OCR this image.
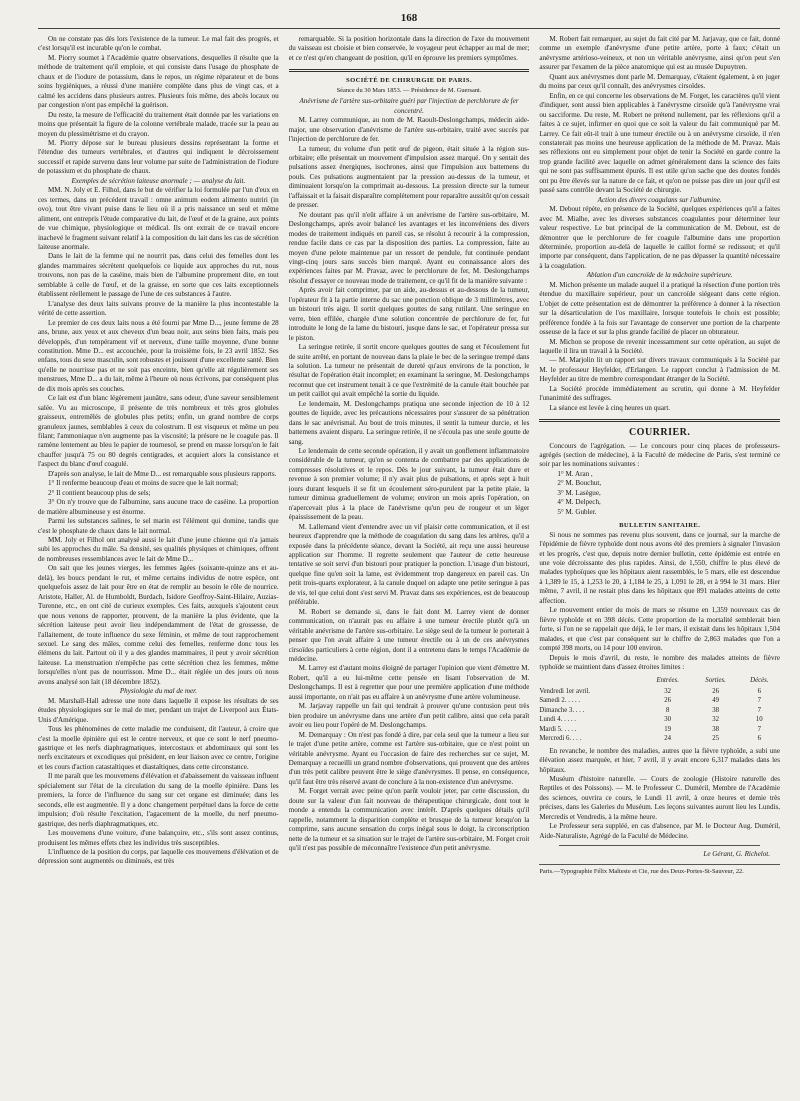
168

On ne constate pas dès lors l'existence de la tumeur. Le mal fait des progrès, et c'est lorsqu'il est incurable qu'on le combat.

M. Piorry soumet à l'Académie quatre observations, desquelles il résulte que la méthode de traitement qu'il emploie, et qui consiste dans l'usage du phosphate de chaux et de l'iodure de potassium, dans le repos, un régime réparateur et de bons soins hygiéniques, a réussi d'une manière complète dans plus de vingt cas, et a calmé les accidens dans plusieurs autres. Plusieurs fois même, des abcès locaux ou par congestion n'ont pas empêché la guérison.

Du reste, la mesure de l'efficacité du traitement était donnée par les variations en moins que présentait la figure de la colonne vertébrale malade, tracée sur la peau au moyen du plessimétrisme et du crayon.

M. Piorry dépose sur le bureau plusieurs dessins représentant la forme et l'étendue des tumeurs vertébrales, et d'autres qui indiquent le décroissement successif et rapide survenu dans leur volume par suite de l'administration de l'iodure de potassium et du phosphate de chaux.

Exemples de sécrétion laiteuse anormale ; — analyse du lait.

MM. N. Joly et E. Filhol, dans le but de vérifier la loi formulée par l'un d'eux en ces termes, dans un précédent travail : omne animum eodem alimento nutriri (in ovo), tout être vivant puise dans le lieu où il a pris naissance un seul et même aliment, ont entrepris l'étude comparative du lait, de l'œuf et de la graine, aux points de vue chimique, physiologique et médical. Ils ont extrait de ce travail encore inachevé le fragment suivant relatif à la composition du lait dans les cas de sécrétion laiteuse anormale.

Dans le lait de la femme qui ne nourrit pas, dans celui des femelles dont les glandes mammaires sécrètent quelquefois ce liquide aux approches du rut, nous trouvons, non pas de la caséine, mais bien de l'albumine proprement dite, en tout semblable à celle de l'œuf, et de la graisse, en sorte que ces laits exceptionnels établissent réellement le passage de l'une de ces substances à l'autre.

L'analyse des deux laits suivans prouve de la manière la plus incontestable la vérité de cette assertion.

Le premier de ces deux laits nous a été fourni par Mme D..., jeune femme de 28 ans, brune, aux yeux et aux cheveux d'un beau noir, aux seins bien faits, mais peu développés, d'un tempérament vif et nerveux, d'une taille moyenne, d'une bonne constitution. Mme D... est accouchée, pour la troisième fois, le 23 avril 1852. Ses enfans, tous du sexe masculin, sont robustes et jouissent d'une excellente santé. Bien qu'elle ne nourrisse pas et ne soit pas enceinte, bien qu'elle ait régulièrement ses menstrues, Mme D... a du lait, même à l'heure où nous écrivons, par conséquent plus de dix mois après ses couches.

Ce lait est d'un blanc légèrement jaunâtre, sans odeur, d'une saveur sensiblement salée. Vu au microscope, il présente de très nombreux et très gros globules graisseux, entremêlés de globules plus petits; enfin, un grand nombre de corps granuleux jaunes, semblables à ceux du colostrum. Il est visqueux et même un peu filant; l'ammoniaque n'en augmente pas la viscosité; la présure ne le coagule pas. Il ramène lentement au bleu le papier de tournesol, se prend en masse lorsqu'on le fait chauffer jusqu'à 75 ou 80 degrés centigrades, et acquiert alors la consistance et l'aspect du blanc d'œuf coagulé.

D'après son analyse, le lait de Mme D... est remarquable sous plusieurs rapports.

1° Il renferme beaucoup d'eau et moins de sucre que le lait normal;

2° Il contient beaucoup plus de sels;

3° On n'y trouve que de l'albumine, sans aucune trace de caséine. La proportion de matière albumineuse y est énorme.

Parmi les substances salines, le sel marin est l'élément qui domine, tandis que c'est le phosphate de chaux dans le lait normal.

MM. Joly et Filhol ont analysé aussi le lait d'une jeune chienne qui n'a jamais subi les approches du mâle. Sa densité, ses qualités physiques et chimiques, offrent de nombreuses ressemblances avec le lait de Mme D...

On sait que les jeunes vierges, les femmes âgées (soixante-quinze ans et au-delà), les boucs pendant le rut, et même certains individus de notre espèce, ont quelquefois assez de lait pour être en état de remplir au besoin le rôle de nourrice. Aristote, Haller, Al. de Humboldt, Burdach, Isidore Geoffroy-Saint-Hilaire, Auzias-Turenne, etc., en ont cité de curieux exemples. Ces faits, auxquels s'ajoutent ceux que nous venons de rapporter, prouvent, de la manière la plus évidente, que la sécrétion laiteuse peut avoir lieu indépendamment de l'état de grossesse, de l'allaitement, de toute influence du sexe féminin, et même de tout rapprochement sexuel. Le sang des mâles, comme celui des femelles, renferme donc tous les élémens du lait. Partout où il y a des glandes mammaires, il peut y avoir sécrétion laiteuse. La menstruation n'empêche pas cette sécrétion chez les femmes, même lorsqu'elles n'ont pas de nourrisson. Mme D... était réglée un des jours où nous avons analysé son lait (18 décembre 1852).

Physiologie du mal de mer.

M. Marshall-Hall adresse une note dans laquelle il expose les résultats de ses études physiologiques sur le mal de mer, pendant un trajet de Liverpool aux États-Unis d'Amérique.

Tous les phénomènes de cette maladie me conduisent, dit l'auteur, à croire que c'est la moelle épinière qui est le centre nerveux, et que ce sont le nerf pneumo-gastrique et les nerfs diaphragmatiques, intercostaux et abdominaux qui sont les nerfs excitateurs et excodiques qui président, en leur liaison avec ce centre, l'origine et les cours d'action catastaltiques et diastaltiques, dans cette circonstance.

Il me paraît que les mouvemens d'élévation et d'abaissement du vaisseau influent spécialement sur l'état de la circulation du sang de la moelle épinière. Dans les premiers, la force de l'influence du sang sur cet organe est diminuée; dans les seconds, elle est augmentée. Il y a donc changement perpétuel dans la force de cette impulsion; d'où résulte l'excitation, l'agacement de la moelle, du nerf pneumo-gastrique, des nerfs diaphragmatiques, etc.

Les mouvemens d'une voiture, d'une balançoire, etc., s'ils sont assez continus, produisent les mêmes effets chez les individus très susceptibles.

L'influence de la position du corps, par laquelle ces mouvemens d'élévation et de dépression sont augmentés ou diminués, est très

remarquable. Si la position horizontale dans la direction de l'axe du mouvement du vaisseau est choisie et bien conservée, le voyageur peut échapper au mal de mer; et ce n'est qu'en changeant de position, qu'il en éprouve les premiers symptômes.

SOCIÉTÉ DE CHIRURGIE DE PARIS.

Séance du 30 Mars 1853. — Présidence de M. Guersant.

Anévrisme de l'artère sus-orbitaire guéri par l'injection de perchlorure de fer concentré.

M. Larrey communique, au nom de M. Raoult-Deslongchamps, médecin aide-major, une observation d'anévrisme de l'artère sus-orbitaire, traité avec succès par l'injection de perchlorure de fer.

La tumeur, du volume d'un petit œuf de pigeon, était située à la région sus-orbitaire; elle présentait un mouvement d'impulsion assez marqué. On y sentait des pulsations assez énergiques, isochrones, ainsi que l'impulsion aux battemens du pouls. Ces pulsations augmentaient par la pression au-dessus de la tumeur, et diminuaient lorsqu'on la comprimait au-dessous. La pression directe sur la tumeur l'affaissait et la faisait disparaître complètement pour reparaître aussitôt qu'on cessait de presser.

Ne doutant pas qu'il n'eût affaire à un anévrisme de l'artère sus-orbitaire, M. Deslongchamps, après avoir balancé les avantages et les inconvéniens des divers modes de traitement indiqués en pareil cas, se résolut à recourir à la compression, rendue facile dans ce cas par la disposition des parties. La compression, faite au moyen d'une pelote maintenue par un ressort de pendule, fut continuée pendant vingt-cinq jours sans succès bien marqué. Ayant eu connaissance alors des expériences faites par M. Pravaz, avec le perchlorure de fer, M. Deslongchamps résolut d'essayer ce nouveau mode de traitement, ce qu'il fit de la manière suivante :

Après avoir fait comprimer, par un aide, au-dessus et au-dessous de la tumeur, l'opérateur fit à la partie interne du sac une ponction oblique de 3 millimètres, avec un bistouri très aigu. Il sortit quelques gouttes de sang rutilant. Une seringue en verre, bien effilée, chargée d'une solution concentrée de perchlorure de fer, fut introduite le long de la lame du bistouri, jusque dans le sac, et l'opérateur pressa sur le piston.

La seringue retirée, il sortit encore quelques gouttes de sang et l'écoulement fut de suite arrêté, en portant de nouveau dans la plaie le bec de la seringue trempé dans la solution. La tumeur ne présentait de dureté qu'aux environs de la ponction, le résultat de l'opération était incomplet; en examinant la seringue, M. Deslongchamps reconnut que cet instrument tenait à ce que l'extrémité de la canule était bouchée par un petit caillot qui avait empêché la sortie du liquide.

Le lendemain, M. Deslongchamps pratiqua une seconde injection de 10 à 12 gouttes de liquide, avec les précautions nécessaires pour s'assurer de sa pénétration dans le sac anévrismal. Au bout de trois minutes, il sentit la tumeur durcie, et les battemens avaient disparu. La seringue retirée, il ne s'écoula pas une seule goutte de sang.

Le lendemain de cette seconde opération, il y avait un gonflement inflammatoire considérable de la tumeur, qu'on se contenta de combattre par des applications de compresses résolutives et le repos. Dès le jour suivant, la tumeur était dure et revenue à son premier volume; il n'y avait plus de pulsations, et après sept à huit jours durant lesquels il se fit un écoulement séro-purulent par la petite plaie, la tumeur diminua graduellement de volume; environ un mois après l'opération, on n'apercevait plus à la place de l'anévrisme qu'un peu de rougeur et un léger épaississement de la peau.

M. Lallemand vient d'entendre avec un vif plaisir cette communication, et il est heureux d'apprendre que la méthode de coagulation du sang dans les artères, qu'il a exposée dans la précédente séance, devant la Société, ait reçu une aussi heureuse application sur l'homme. Il regrette seulement que l'auteur de cette heureuse tentative se soit servi d'un bistouri pour pratiquer la ponction. L'usage d'un bistouri, quelque fine qu'en soit la lame, est évidemment trop dangereux en pareil cas. Un petit trois-quarts explorateur, à la canule duquel on adapte une petite seringue à pas de vis, tel que celui dont s'est servi M. Pravaz dans ses expériences, est de beaucoup préférable.

M. Robert se demande si, dans le fait dont M. Larrey vient de donner communication, on n'aurait pas eu affaire à une tumeur érectile plutôt qu'à un véritable anévrisme de l'artère sus-orbitaire. Le siège seul de la tumeur le porterait à penser que l'on avait affaire à une tumeur érectile ou à un de ces anévrysmes cirsoïdes particuliers à cette région, dont il a entretenu dans le temps l'Académie de médecine.

M. Larrey est d'autant moins éloigné de partager l'opinion que vient d'émettre M. Robert, qu'il a eu lui-même cette pensée en lisant l'observation de M. Deslongchamps. Il est à regretter que pour une première application d'une méthode aussi importante, on n'ait pas eu affaire à un anévrysme d'une artère volumineuse.

M. Jarjavay rappelle un fait qui tendrait à prouver qu'une contusion peut très bien produire un anévrysme dans une artère d'un petit calibre, ainsi que cela paraît avoir eu lieu pour l'opéré de M. Deslongchamps.

M. Demarquay : On n'est pas fondé à dire, par cela seul que la tumeur a lieu sur le trajet d'une petite artère, comme est l'artère sus-orbitaire, que ce n'est point un véritable anévrysme. Ayant eu l'occasion de faire des recherches sur ce sujet, M. Demarquay a recueilli un grand nombre d'observations, qui prouvent que des artères d'un très petit calibre peuvent être le siège d'anévrysmes. Il pense, en conséquence, qu'il faut être très réservé avant de conclure à la non-existence d'un anévrysme.

M. Forget verrait avec peine qu'on parût vouloir jeter, par cette discussion, du doute sur la valeur d'un fait nouveau de thérapeutique chirurgicale, dont tout le monde a entendu la communication avec intérêt. D'après quelques détails qu'il rappelle, notamment la disparition complète et brusque de la tumeur lorsqu'on la comprime, sans aucune sensation du corps inégal sous le doigt, la circonscription nette de la tumeur et sa situation sur le trajet de l'artère sus-orbitaire, M. Forget croit qu'il n'est pas possible de méconnaître l'existence d'un petit anévrysme.

M. Robert fait remarquer, au sujet du fait cité par M. Jarjavay, que ce fait, donné comme un exemple d'anévrysme d'une petite artère, porte à faux; c'était un anévrysme artérioso-veineux, et non un véritable anévrysme, ainsi qu'on peut s'en assurer par l'examen de la pièce anatomique qui est au musée Dupuytren.

Quant aux anévrysmes dont parle M. Demarquay, c'étaient également, à en juger du moins par ceux qu'il connaît, des anévrysmes cirsoïdes.

Enfin, en ce qui concerne les observations de M. Forget, les caractères qu'il vient d'indiquer, sont aussi bien applicables à l'anévrysme cirsoïde qu'à l'anévrysme vrai ou sacciforme. Du reste, M. Robert ne prétend nullement, par les réflexions qu'il a faites à ce sujet, infirmer en quoi que ce soit la valeur du fait communiqué par M. Larrey. Ce fait eût-il trait à une tumeur érectile ou à un anévrysme cirsoïde, il n'en constaterait pas moins une heureuse application de la méthode de M. Pravaz. Mais ses réflexions ont eu simplement pour objet de tenir la Société en garde contre la trop grande facilité avec laquelle on admet généralement dans la science des faits qui ne sont pas suffisamment épurés. Il est utile qu'on sache que des doutes fondés ont pu être élevés sur la nature de ce fait, et qu'on ne puisse pas dire un jour qu'il est passé sans contrôle devant la Société de chirurgie.

Action des divers coagulans sur l'albumine.

M. Debout répète, en présence de la Société, quelques expériences qu'il a faites avec M. Mialhe, avec les diverses substances coagulantes pour déterminer leur valeur respective. Le but principal de la communication de M. Debout, est de démontrer que le perchlorure de fer coagule l'albumine dans une proportion déterminée, proportion au-delà de laquelle le caillot formé se redissout; et qu'il importe par conséquent, dans l'application, de ne pas dépasser la quantité nécessaire à la coagulation.

Ablation d'un cancroïde de la mâchoire supérieure.

M. Michon présente un malade auquel il a pratiqué la résection d'une portion très étendue du maxillaire supérieur, pour un cancroïde siégeant dans cette région. L'objet de cette présentation est de démontrer la préférence à donner à la résection sur la désarticulation de l'os maxillaire, lorsque toutefois le choix est possible; préférence fondée à la fois sur l'avantage de conserver une portion de la charpente osseuse de la face et sur la plus grande facilité de placer un obturateur.

M. Michon se propose de revenir incessamment sur cette opération, au sujet de laquelle il lira un travail à la Société.

— M. Marjolin lit un rapport sur divers travaux communiqués à la Société par M. le professeur Heyfelder, d'Erlangen. Le rapport conclut à l'admission de M. Heyfelder au titre de membre correspondant étranger de la Société.

La Société procède immédiatement au scrutin, qui donne à M. Heyfelder l'unanimité des suffrages.

La séance est levée à cinq heures un quart.

COURRIER.

Concours de l'agrégation. — Le concours pour cinq places de professeurs-agrégés (section de médecine), à la Faculté de médecine de Paris, s'est terminé ce soir par les nominations suivantes :

1° M. Aran ,

2° M. Bouchut,

3° M. Lasègue,

4° M. Delpech,

5° M. Gubler.

BULLETIN SANITAIRE.

Si nous ne sommes pas revenu plus souvent, dans ce journal, sur la marche de l'épidémie de fièvre typhoïde dont nous avons été des premiers à signaler l'invasion et les progrès, c'est que, depuis notre dernier bulletin, cette épidémie est entrée en une voie décroissante des plus rapides. Ainsi, de 1,550, chiffre le plus élevé de malades typhoïques que les hôpitaux aient rassemblés, le 5 mars, elle est descendue à 1,389 le 15, à 1,253 le 20, à 1,184 le 25, à 1,091 le 28, et à 994 le 31 mars. Hier même, 7 avril, il ne restait plus dans les hôpitaux que 891 malades atteints de cette affection.

Le mouvement entier du mois de mars se résume en 1,359 nouveaux cas de fièvre typhoïde et en 398 décès. Cette proportion de la mortalité semblerait bien forte, si l'on ne se rappelait que déjà, le 1er mars, il existait dans les hôpitaux 1,504 malades, et que c'est par conséquent sur le chiffre de 2,863 malades que l'on a compté 398 morts, ou 14 pour 100 environ.

Depuis le mois d'avril, du reste, le nombre des malades atteints de fièvre typhoïde se maintient dans d'assez étroites limites :

	Entrées.	Sorties.	Décès.
Vendredi 1er avril.	32	26	6
Samedi 2. . . . .	26	49	7
Dimanche 3. . . .	8	38	7
Lundi 4. . . . .	30	32	10
Mardi 5. . . . .	19	38	7
Mercredi 6. . . .	24	25	6

En revanche, le nombre des maladies, autres que la fièvre typhoïde, a subi une élévation assez marquée, et hier, 7 avril, il y avait encore 6,317 malades dans les hôpitaux.

Muséum d'histoire naturelle. — Cours de zoologie (Histoire naturelle des Reptiles et des Poissons). — M. le Professeur C. Duméril, Membre de l'Académie des sciences, ouvrira ce cours, le Lundi 11 avril, à onze heures et demie très précises, dans les Galeries du Muséum. Les leçons suivantes auront lieu les Lundis, Mercredis et Vendredis, à la même heure.

Le Professeur sera suppléé, en cas d'absence, par M. le Docteur Aug. Duméril, Aide-Naturaliste, Agrégé de la Faculté de Médecine.

Le Gérant, G. Richelot.

Paris.—Typographie Félix Malteste et Cie, rue des Deux-Portes-St-Sauveur, 22.
